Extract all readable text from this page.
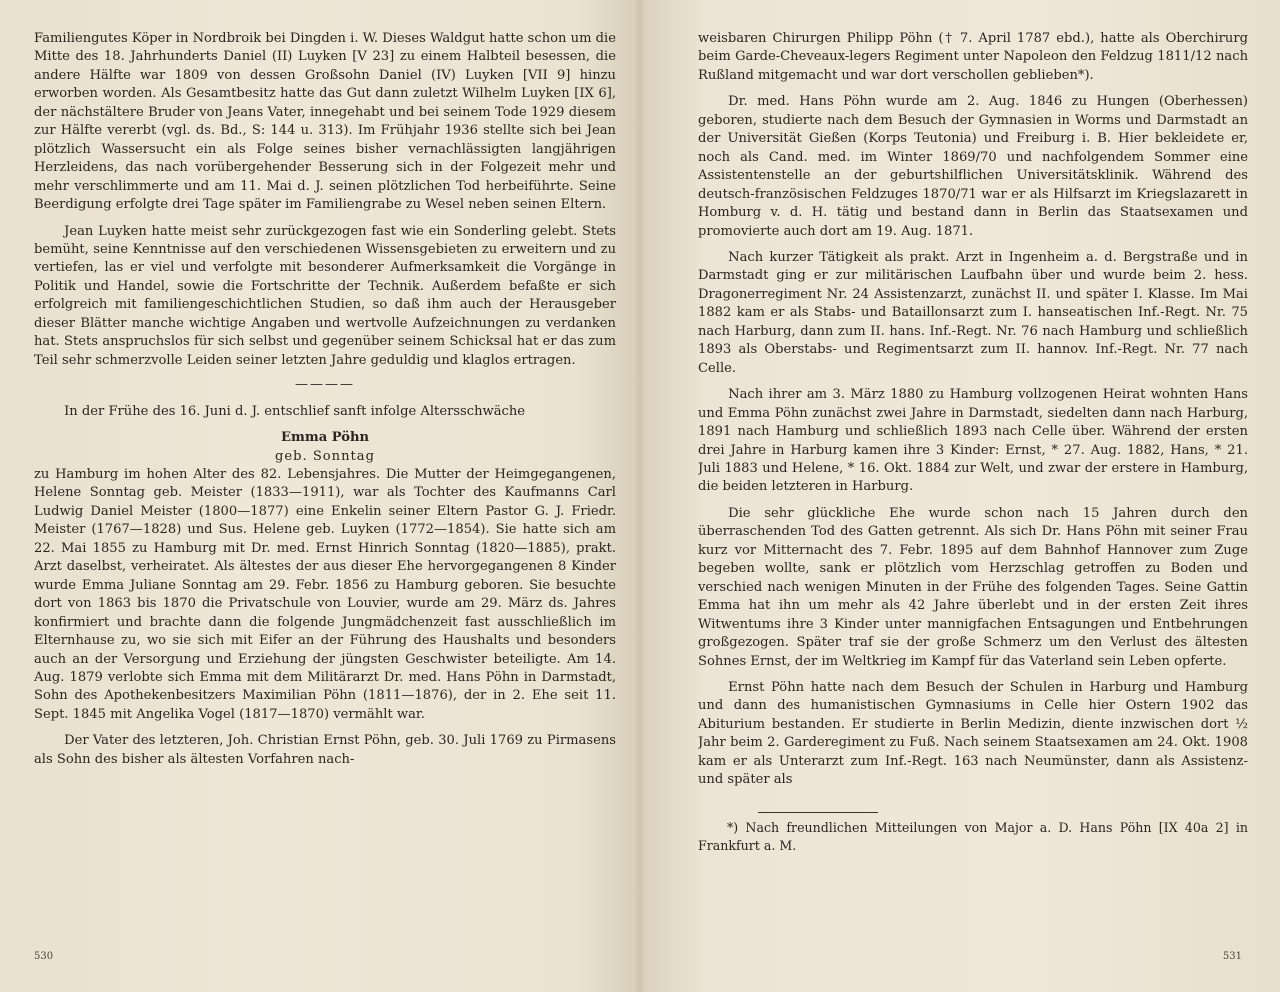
Familiengutes Köper in Nordbroik bei Dingden i. W. Dieses Waldgut hatte schon um die Mitte des 18. Jahrhunderts Daniel (II) Luyken [V 23] zu einem Halbteil besessen, die andere Hälfte war 1809 von dessen Großsohn Daniel (IV) Luyken [VII 9] hinzu erworben worden. Als Gesamtbesitz hatte das Gut dann zuletzt Wilhelm Luyken [IX 6], der nächstältere Bruder von Jeans Vater, innegehabt und bei seinem Tode 1929 diesem zur Hälfte vererbt (vgl. ds. Bd., S: 144 u. 313). Im Frühjahr 1936 stellte sich bei Jean plötzlich Wassersucht ein als Folge seines bisher vernachlässigten langjährigen Herzleidens, das nach vorübergehender Besserung sich in der Folgezeit mehr und mehr verschlimmerte und am 11. Mai d. J. seinen plötzlichen Tod herbeiführte. Seine Beerdigung erfolgte drei Tage später im Familiengrabe zu Wesel neben seinen Eltern.

Jean Luyken hatte meist sehr zurückgezogen fast wie ein Sonderling gelebt. Stets bemüht, seine Kenntnisse auf den verschiedenen Wissensgebieten zu erweitern und zu vertiefen, las er viel und verfolgte mit besonderer Aufmerksamkeit die Vorgänge in Politik und Handel, sowie die Fortschritte der Technik. Außerdem befaßte er sich erfolgreich mit familiengeschichtlichen Studien, so daß ihm auch der Herausgeber dieser Blätter manche wichtige Angaben und wertvolle Aufzeichnungen zu verdanken hat. Stets anspruchslos für sich selbst und gegenüber seinem Schicksal hat er das zum Teil sehr schmerzvolle Leiden seiner letzten Jahre geduldig und klaglos ertragen.

————

In der Frühe des 16. Juni d. J. entschlief sanft infolge Altersschwäche

Emma Pöhn
geb. Sonntag

zu Hamburg im hohen Alter des 82. Lebensjahres. Die Mutter der Heimgegangenen, Helene Sonntag geb. Meister (1833—1911), war als Tochter des Kaufmanns Carl Ludwig Daniel Meister (1800—1877) eine Enkelin seiner Eltern Pastor G. J. Friedr. Meister (1767—1828) und Sus. Helene geb. Luyken (1772—1854). Sie hatte sich am 22. Mai 1855 zu Hamburg mit Dr. med. Ernst Hinrich Sonntag (1820—1885), prakt. Arzt daselbst, verheiratet. Als ältestes der aus dieser Ehe hervorgegangenen 8 Kinder wurde Emma Juliane Sonntag am 29. Febr. 1856 zu Hamburg geboren. Sie besuchte dort von 1863 bis 1870 die Privatschule von Louvier, wurde am 29. März ds. Jahres konfirmiert und brachte dann die folgende Jungmädchenzeit fast ausschließlich im Elternhause zu, wo sie sich mit Eifer an der Führung des Haushalts und besonders auch an der Versorgung und Erziehung der jüngsten Geschwister beteiligte. Am 14. Aug. 1879 verlobte sich Emma mit dem Militärarzt Dr. med. Hans Pöhn in Darmstadt, Sohn des Apothekenbesitzers Maximilian Pöhn (1811—1876), der in 2. Ehe seit 11. Sept. 1845 mit Angelika Vogel (1817—1870) vermählt war.

Der Vater des letzteren, Joh. Christian Ernst Pöhn, geb. 30. Juli 1769 zu Pirmasens als Sohn des bisher als ältesten Vorfahren nach-

530

weisbaren Chirurgen Philipp Pöhn († 7. April 1787 ebd.), hatte als Oberchirurg beim Garde-Cheveaux-legers Regiment unter Napoleon den Feldzug 1811/12 nach Rußland mitgemacht und war dort verschollen geblieben*).

Dr. med. Hans Pöhn wurde am 2. Aug. 1846 zu Hungen (Oberhessen) geboren, studierte nach dem Besuch der Gymnasien in Worms und Darmstadt an der Universität Gießen (Korps Teutonia) und Freiburg i. B. Hier bekleidete er, noch als Cand. med. im Winter 1869/70 und nachfolgendem Sommer eine Assistentenstelle an der geburtshilflichen Universitätsklinik. Während des deutsch-französischen Feldzuges 1870/71 war er als Hilfsarzt im Kriegslazarett in Homburg v. d. H. tätig und bestand dann in Berlin das Staatsexamen und promovierte auch dort am 19. Aug. 1871.

Nach kurzer Tätigkeit als prakt. Arzt in Ingenheim a. d. Bergstraße und in Darmstadt ging er zur militärischen Laufbahn über und wurde beim 2. hess. Dragonerregiment Nr. 24 Assistenzarzt, zunächst II. und später I. Klasse. Im Mai 1882 kam er als Stabs- und Bataillonsarzt zum I. hanseatischen Inf.-Regt. Nr. 75 nach Harburg, dann zum II. hans. Inf.-Regt. Nr. 76 nach Hamburg und schließlich 1893 als Oberstabs- und Regimentsarzt zum II. hannov. Inf.-Regt. Nr. 77 nach Celle.

Nach ihrer am 3. März 1880 zu Hamburg vollzogenen Heirat wohnten Hans und Emma Pöhn zunächst zwei Jahre in Darmstadt, siedelten dann nach Harburg, 1891 nach Hamburg und schließlich 1893 nach Celle über. Während der ersten drei Jahre in Harburg kamen ihre 3 Kinder: Ernst, * 27. Aug. 1882, Hans, * 21. Juli 1883 und Helene, * 16. Okt. 1884 zur Welt, und zwar der erstere in Hamburg, die beiden letzteren in Harburg.

Die sehr glückliche Ehe wurde schon nach 15 Jahren durch den überraschenden Tod des Gatten getrennt. Als sich Dr. Hans Pöhn mit seiner Frau kurz vor Mitternacht des 7. Febr. 1895 auf dem Bahnhof Hannover zum Zuge begeben wollte, sank er plötzlich vom Herzschlag getroffen zu Boden und verschied nach wenigen Minuten in der Frühe des folgenden Tages. Seine Gattin Emma hat ihn um mehr als 42 Jahre überlebt und in der ersten Zeit ihres Witwentums ihre 3 Kinder unter mannigfachen Entsagungen und Entbehrungen großgezogen. Später traf sie der große Schmerz um den Verlust des ältesten Sohnes Ernst, der im Weltkrieg im Kampf für das Vaterland sein Leben opferte.

Ernst Pöhn hatte nach dem Besuch der Schulen in Harburg und Hamburg und dann des humanistischen Gymnasiums in Celle hier Ostern 1902 das Abiturium bestanden. Er studierte in Berlin Medizin, diente inzwischen dort ½ Jahr beim 2. Garderegiment zu Fuß. Nach seinem Staatsexamen am 24. Okt. 1908 kam er als Unterarzt zum Inf.-Regt. 163 nach Neumünster, dann als Assistenz- und später als

*) Nach freundlichen Mitteilungen von Major a. D. Hans Pöhn [IX 40a 2] in Frankfurt a. M.

531
